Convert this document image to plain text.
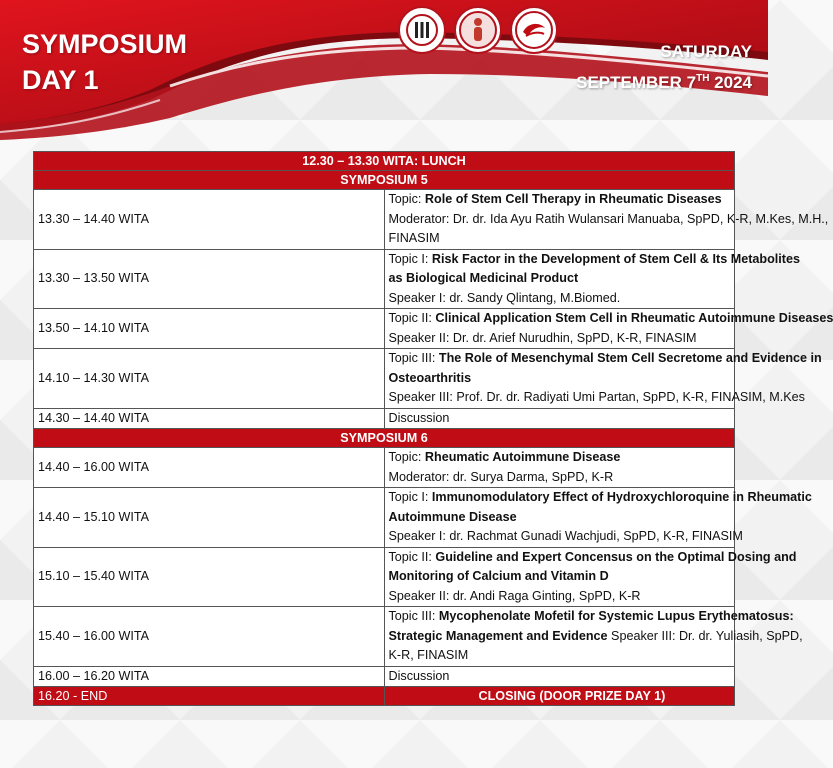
SYMPOSIUM
DAY 1
SATURDAY
SEPTEMBER 7TH 2024
12.30 – 13.30 WITA: LUNCH	
SYMPOSIUM 5	
13.30 – 14.40 WITA	Topic: Role of Stem Cell Therapy in Rheumatic Diseases
Moderator: Dr. dr. Ida Ayu Ratih Wulansari Manuaba, SpPD, K-R, M.Kes, M.H.,
FINASIM

13.30 – 13.50 WITA	Topic I: Risk Factor in the Development of Stem Cell & Its Metabolites
as Biological Medicinal Product
Speaker I: dr. Sandy Qlintang, M.Biomed.

13.50 – 14.10 WITA	Topic II: Clinical Application Stem Cell in Rheumatic Autoimmune Diseases
Speaker II: Dr. dr. Arief Nurudhin, SpPD, K-R, FINASIM

14.10 – 14.30 WITA	Topic III: The Role of Mesenchymal Stem Cell Secretome and Evidence in
Osteoarthritis
Speaker III: Prof. Dr. dr. Radiyati Umi Partan, SpPD, K-R, FINASIM, M.Kes

14.30 – 14.40 WITA	Discussion
SYMPOSIUM 6	
14.40 – 16.00 WITA	Topic: Rheumatic Autoimmune Disease
Moderator: dr. Surya Darma, SpPD, K-R

14.40 – 15.10 WITA	Topic I: Immunomodulatory Effect of Hydroxychloroquine in Rheumatic
Autoimmune Disease
Speaker I: dr. Rachmat Gunadi Wachjudi, SpPD, K-R, FINASIM

15.10 – 15.40 WITA	Topic II: Guideline and Expert Concensus on the Optimal Dosing and
Monitoring of Calcium and Vitamin D
Speaker II: dr. Andi Raga Ginting, SpPD, K-R

15.40 – 16.00 WITA	Topic III: Mycophenolate Mofetil for Systemic Lupus Erythematosus:
Strategic Management and Evidence Speaker III: Dr. dr. Yuliasih, SpPD,
K-R, FINASIM

16.00 – 16.20 WITA	Discussion
16.20 - END	CLOSING (DOOR PRIZE DAY 1)
